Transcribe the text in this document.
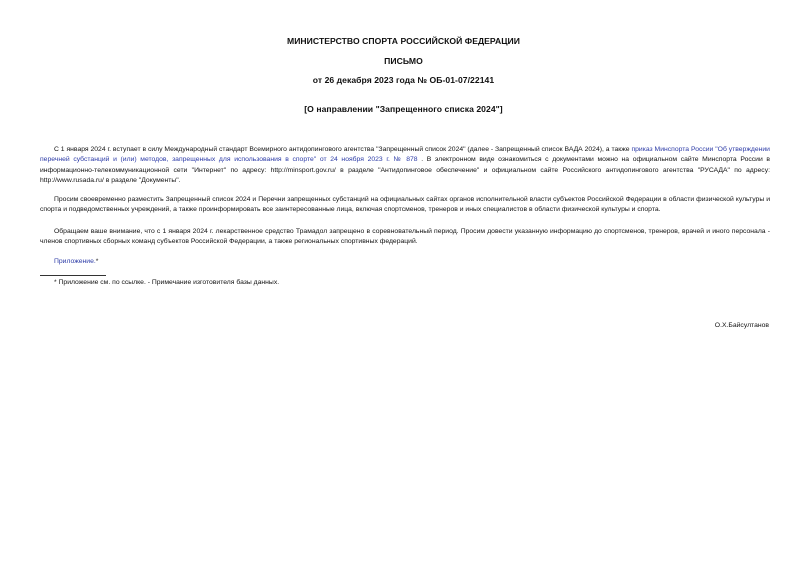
МИНИСТЕРСТВО СПОРТА РОССИЙСКОЙ ФЕДЕРАЦИИ
ПИСЬМО
от 26 декабря 2023 года № ОБ-01-07/22141
[О направлении "Запрещенного списка 2024"]
С 1 января 2024 г. вступает в силу Международный стандарт Всемирного антидопингового агентства "Запрещенный список 2024" (далее - Запрещенный список ВАДА 2024), а также приказ Минспорта России "Об утверждении перечней субстанций и (или) методов, запрещенных для использования в спорте" от 24 ноября 2023 г. № 878 . В электронном виде ознакомиться с документами можно на официальном сайте Минспорта России в информационно-телекоммуникационной сети "Интернет" по адресу: http://minsport.gov.ru/ в разделе "Антидопинговое обеспечение" и официальном сайте Российского антидопингового агентства "РУСАДА" по адресу: http://www.rusada.ru/ в разделе "Документы".
Просим своевременно разместить Запрещенный список 2024 и Перечни запрещенных субстанций на официальных сайтах органов исполнительной власти субъектов Российской Федерации в области физической культуры и спорта и подведомственных учреждений, а также проинформировать все заинтересованные лица, включая спортсменов, тренеров и иных специалистов в области физической культуры и спорта.
Обращаем ваше внимание, что с 1 января 2024 г. лекарственное средство Трамадол запрещено в соревновательный период. Просим довести указанную информацию до спортсменов, тренеров, врачей и иного персонала - членов спортивных сборных команд субъектов Российской Федерации, а также региональных спортивных федераций.
Приложение.*
* Приложение см. по ссылке. - Примечание изготовителя базы данных.
О.Х.Байсултанов
